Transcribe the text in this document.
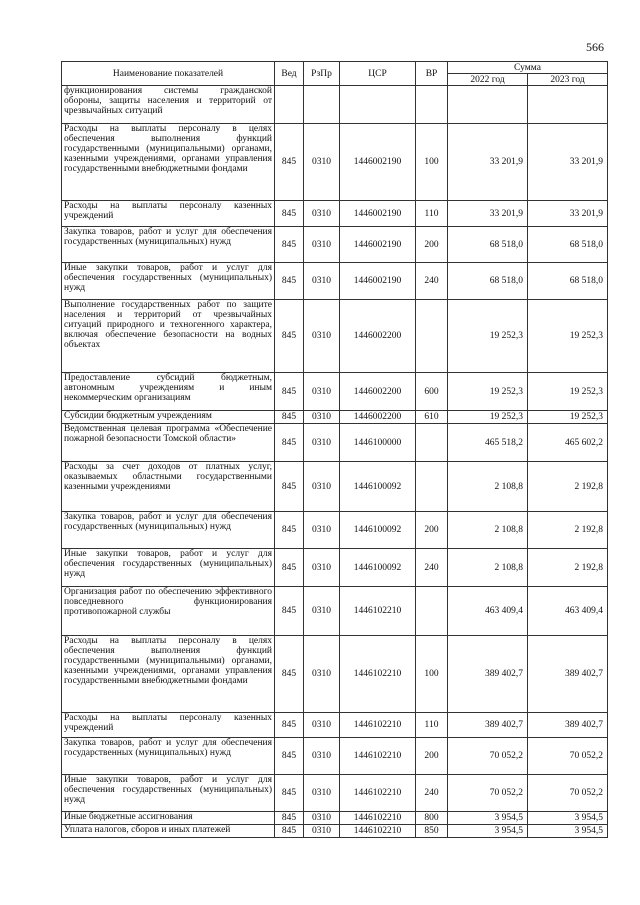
566
Наименование показателей	Вед	РзПр	ЦСР	ВР	Сумма	
					2022 год	2023 год
функционирования системы гражданской обороны, защиты населения и территорий от чрезвычайных ситуаций						
Расходы на выплаты персоналу в целях обеспечения выполнения функций государственными (муниципальными) органами, казенными учреждениями, органами управления государственными внебюджетными фондами	845	0310	1446002190	100	33 201,9	33 201,9
Расходы на выплаты персоналу казенных учреждений	845	0310	1446002190	110	33 201,9	33 201,9
Закупка товаров, работ и услуг для обеспечения государственных (муниципальных) нужд	845	0310	1446002190	200	68 518,0	68 518,0
Иные закупки товаров, работ и услуг для обеспечения государственных (муниципальных) нужд	845	0310	1446002190	240	68 518,0	68 518,0
Выполнение государственных работ по защите населения и территорий от чрезвычайных ситуаций природного и техногенного характера, включая обеспечение безопасности на водных объектах	845	0310	1446002200		19 252,3	19 252,3
Предоставление субсидий бюджетным, автономным учреждениям и иным некоммерческим организациям	845	0310	1446002200	600	19 252,3	19 252,3
Субсидии бюджетным учреждениям	845	0310	1446002200	610	19 252,3	19 252,3
Ведомственная целевая программа «Обеспечение пожарной безопасности Томской области»	845	0310	1446100000		465 518,2	465 602,2
Расходы за счет доходов от платных услуг, оказываемых областными государственными казенными учреждениями	845	0310	1446100092		2 108,8	2 192,8
Закупка товаров, работ и услуг для обеспечения государственных (муниципальных) нужд	845	0310	1446100092	200	2 108,8	2 192,8
Иные закупки товаров, работ и услуг для обеспечения государственных (муниципальных) нужд	845	0310	1446100092	240	2 108,8	2 192,8
Организация работ по обеспечению эффективного повседневного функционирования противопожарной службы	845	0310	1446102210		463 409,4	463 409,4
Расходы на выплаты персоналу в целях обеспечения выполнения функций государственными (муниципальными) органами, казенными учреждениями, органами управления государственными внебюджетными фондами	845	0310	1446102210	100	389 402,7	389 402,7
Расходы на выплаты персоналу казенных учреждений	845	0310	1446102210	110	389 402,7	389 402,7
Закупка товаров, работ и услуг для обеспечения государственных (муниципальных) нужд	845	0310	1446102210	200	70 052,2	70 052,2
Иные закупки товаров, работ и услуг для обеспечения государственных (муниципальных) нужд	845	0310	1446102210	240	70 052,2	70 052,2
Иные бюджетные ассигнования	845	0310	1446102210	800	3 954,5	3 954,5
Уплата налогов, сборов и иных платежей	845	0310	1446102210	850	3 954,5	3 954,5
